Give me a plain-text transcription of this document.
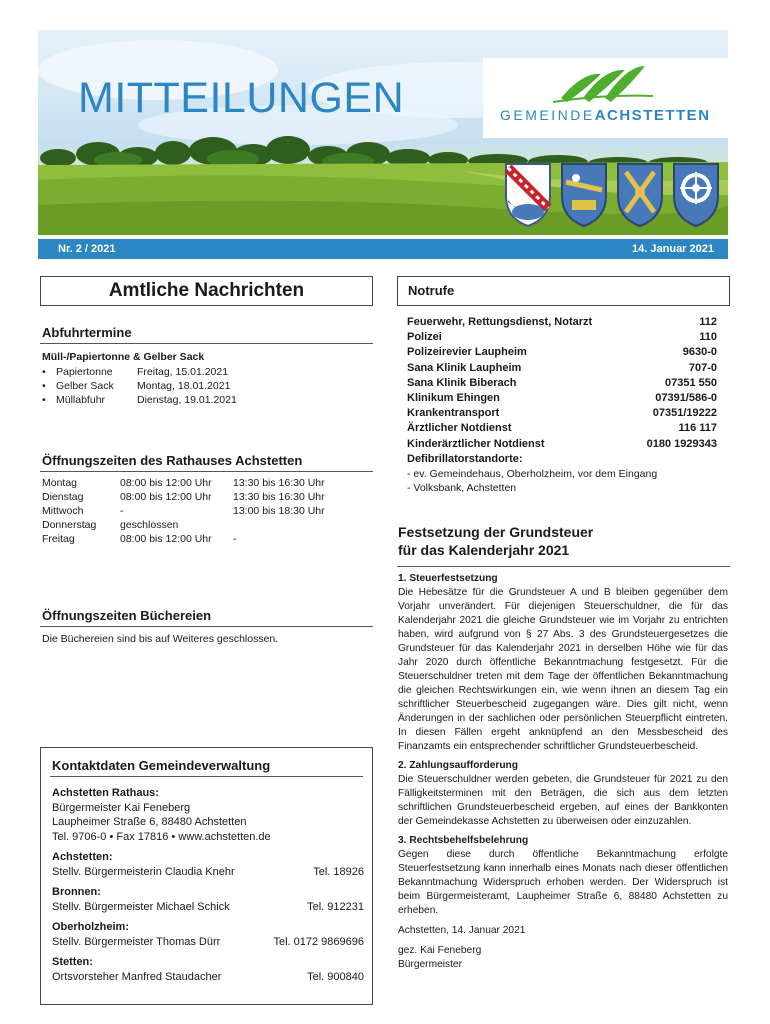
MITTEILUNGEN	GEMEINDEACHSTETTEN
Nr. 2 / 2021	14. Januar 2021
Amtliche Nachrichten
Abfuhrtermine
Müll-/Papiertonne & Gelber Sack
• Papiertonne	Freitag, 15.01.2021
• Gelber Sack	Montag, 18.01.2021
• Müllabfuhr	Dienstag, 19.01.2021
Öffnungszeiten des Rathauses Achstetten
Montag	08:00 bis 12:00 Uhr	13:30 bis 16:30 Uhr
Dienstag	08:00 bis 12:00 Uhr	13:30 bis 16:30 Uhr
Mittwoch	-	13:00 bis 18:30 Uhr
Donnerstag	geschlossen
Freitag	08:00 bis 12:00 Uhr	-
Öffnungszeiten Büchereien
Die Büchereien sind bis auf Weiteres geschlossen.
Kontaktdaten Gemeindeverwaltung
Achstetten Rathaus:
Bürgermeister Kai Feneberg
Laupheimer Straße 6, 88480 Achstetten
Tel. 9706-0 • Fax 17816 • www.achstetten.de
Achstetten:
Stellv. Bürgermeisterin Claudia Knehr	Tel. 18926
Bronnen:
Stellv. Bürgermeister Michael Schick	Tel. 912231
Oberholzheim:
Stellv. Bürgermeister Thomas Dürr	Tel. 0172 9869696
Stetten:
Ortsvorsteher Manfred Staudacher	Tel. 900840
Notrufe
Feuerwehr, Rettungsdienst, Notarzt	112
Polizei	110
Polizeirevier Laupheim	9630-0
Sana Klinik Laupheim	707-0
Sana Klinik Biberach	07351 550
Klinikum Ehingen	07391/586-0
Krankentransport	07351/19222
Ärztlicher Notdienst	116 117
Kinderärztlicher Notdienst	0180 1929343
Defibrillatorstandorte:
- ev. Gemeindehaus, Oberholzheim, vor dem Eingang
- Volksbank, Achstetten
Festsetzung der Grundsteuer
für das Kalenderjahr 2021
1. Steuerfestsetzung
Die Hebesätze für die Grundsteuer A und B bleiben gegenüber dem Vorjahr unverändert. Für diejenigen Steuerschuldner, die für das Kalenderjahr 2021 die gleiche Grundsteuer wie im Vorjahr zu entrichten haben, wird aufgrund von § 27 Abs. 3 des Grundsteuergesetzes die Grundsteuer für das Kalenderjahr 2021 in derselben Höhe wie für das Jahr 2020 durch öffentliche Bekanntmachung festgesetzt. Für die Steuerschuldner treten mit dem Tage der öffentlichen Bekanntmachung die gleichen Rechtswirkungen ein, wie wenn ihnen an diesem Tag ein schriftlicher Steuerbescheid zugegangen wäre. Dies gilt nicht, wenn Änderungen in der sachlichen oder persönlichen Steuerpflicht eintreten. In diesen Fällen ergeht anknüpfend an den Messbescheid des Finanzamts ein entsprechender schriftlicher Grundsteuerbescheid.
2. Zahlungsaufforderung
Die Steuerschuldner werden gebeten, die Grundsteuer für 2021 zu den Fälligkeitsterminen mit den Beträgen, die sich aus dem letzten schriftlichen Grundsteuerbescheid ergeben, auf eines der Bankkonten der Gemeindekasse Achstetten zu überweisen oder einzuzahlen.
3. Rechtsbehelfsbelehrung
Gegen diese durch öffentliche Bekanntmachung erfolgte Steuerfestsetzung kann innerhalb eines Monats nach dieser öffentlichen Bekanntmachung Widerspruch erhoben werden. Der Widerspruch ist beim Bürgermeisteramt, Laupheimer Straße 6, 88480 Achstetten zu erheben.
Achstetten, 14. Januar 2021
gez. Kai Feneberg
Bürgermeister
